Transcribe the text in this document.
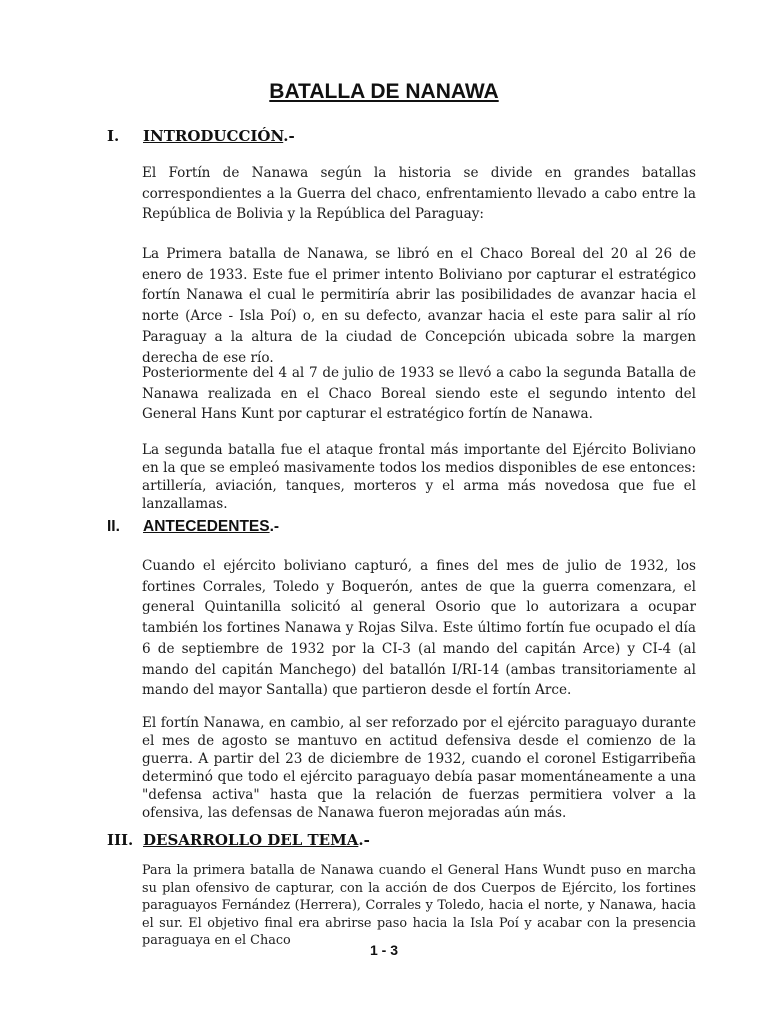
BATALLA DE NANAWA
I. INTRODUCCIÓN.-

El Fortín de Nanawa según la historia se divide en grandes batallas correspondientes a la Guerra del chaco, enfrentamiento llevado a cabo entre la República de Bolivia y la República del Paraguay:

La Primera batalla de Nanawa, se libró en el Chaco Boreal del 20 al 26 de enero de 1933. Este fue el primer intento Boliviano por capturar el estratégico fortín Nanawa el cual le permitiría abrir las posibilidades de avanzar hacia el norte (Arce - Isla Poí) o, en su defecto, avanzar hacia el este para salir al río Paraguay a la altura de la ciudad de Concepción ubicada sobre la margen derecha de ese río.

Posteriormente del 4 al 7 de julio de 1933 se llevó a cabo la segunda Batalla de Nanawa realizada en el Chaco Boreal siendo este el segundo intento del General Hans Kunt por capturar el estratégico fortín de Nanawa.

La segunda batalla fue el ataque frontal más importante del Ejército Boliviano en la que se empleó masivamente todos los medios disponibles de ese entonces: artillería, aviación, tanques, morteros y el arma más novedosa que fue el lanzallamas.

II. ANTECEDENTES.-

Cuando el ejército boliviano capturó, a fines del mes de julio de 1932, los fortines Corrales, Toledo y Boquerón, antes de que la guerra comenzara, el general Quintanilla solicitó al general Osorio que lo autorizara a ocupar también los fortines Nanawa y Rojas Silva. Este último fortín fue ocupado el día 6 de septiembre de 1932 por la CI-3 (al mando del capitán Arce) y CI-4 (al mando del capitán Manchego) del batallón I/RI-14 (ambas transitoriamente al mando del mayor Santalla) que partieron desde el fortín Arce.

El fortín Nanawa, en cambio, al ser reforzado por el ejército paraguayo durante el mes de agosto se mantuvo en actitud defensiva desde el comienzo de la guerra. A partir del 23 de diciembre de 1932, cuando el coronel Estigarribeña determinó que todo el ejército paraguayo debía pasar momentáneamente a una "defensa activa" hasta que la relación de fuerzas permitiera volver a la ofensiva, las defensas de Nanawa fueron mejoradas aún más.

III. DESARROLLO DEL TEMA.-

Para la primera batalla de Nanawa cuando el General Hans Wundt puso en marcha su plan ofensivo de capturar, con la acción de dos Cuerpos de Ejército, los fortines paraguayos Fernández (Herrera), Corrales y Toledo, hacia el norte, y Nanawa, hacia el sur. El objetivo final era abrirse paso hacia la Isla Poí y acabar con la presencia paraguaya en el Chaco

1 - 3
